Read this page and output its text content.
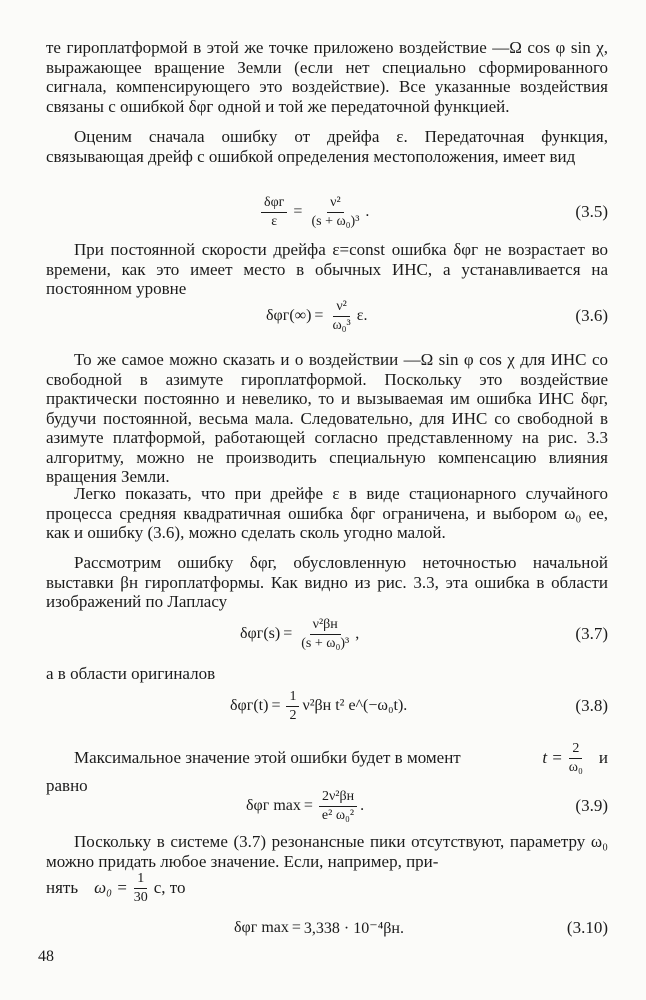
те гироплатформой в этой же точке приложено воздействие —Ω cos φ sin χ, выражающее вращение Земли (если нет специально сформированного сигнала, компенсирующего это воздействие). Все указанные воздействия связаны с ошибкой δφг одной и той же передаточной функцией.

Оценим сначала ошибку от дрейфа ε. Передаточная функция, связывающая дрейф с ошибкой определения местоположения, имеет вид

$\frac{\text{δφг}}{\varepsilon} = \frac{\text{ν²}}{\text{(s + ω₀)³}}$ .	(3.5)

При постоянной скорости дрейфа ε=const ошибка δφг не возрастает во времени, как это имеет место в обычных ИНС, а устанавливается на постоянном уровне

$\delta\varphi г(\infty) = \frac{\text{ν²}}{\text{ω₀³}} \varepsilon$.	(3.6)

То же самое можно сказать и о воздействии —Ω sin φ cos χ для ИНС со свободной в азимуте гироплатформой. Поскольку это воздействие практически постоянно и невелико, то и вызываемая им ошибка ИНС δφг, будучи постоянной, весьма мала. Следовательно, для ИНС со свободной в азимуте платформой, работающей согласно представленному на рис. 3.3 алгоритму, можно не производить специальную компенсацию влияния вращения Земли.

Легко показать, что при дрейфе ε в виде стационарного случайного процесса средняя квадратичная ошибка δφг ограничена, и выбором ω₀ ее, как и ошибку (3.6), можно сделать сколь угодно малой.

Рассмотрим ошибку δφг, обусловленную неточностью начальной выставки βн гироплатформы. Как видно из рис. 3.3, эта ошибка в области изображений по Лапласу

$\delta\varphi г(s) = \frac{\text{ν²βн}}{\text{(s + ω₀)³}}$ ,	(3.7)

а в области оригиналов

$\delta\varphi г(t) = \frac{1}{2} \nu^2\beta н$ t² e^(−ω₀t).	(3.8)
Максимальное значение этой ошибки будет в момент	$t = \frac{2}{\text{ω₀}}$ и

равно

δφг $\max = \frac{\text{2ν²βн}}{\text{e² ω₀²}}$ .	(3.9)

Поскольку в системе (3.7) резонансные пики отсутствуют, параметру ω₀ можно придать любое значение. Если, например, при-

нять $\omega_0 = \frac{1}{30} c$, то
δφг max = 3,338 · 10⁻⁴βн.	(3.10)
48
